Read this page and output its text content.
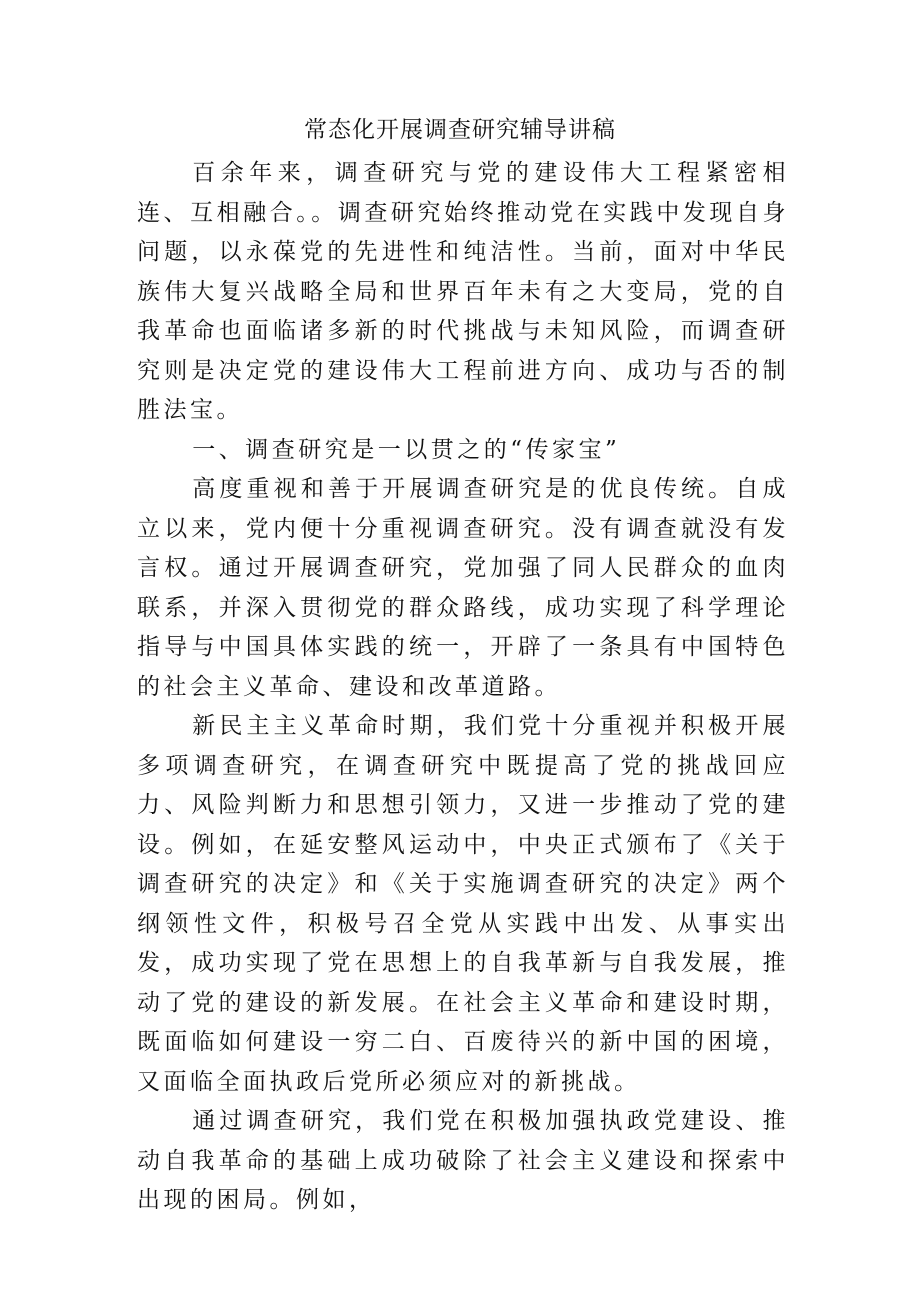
常态化开展调查研究辅导讲稿

百余年来，调查研究与党的建设伟大工程紧密相连、互相融合。。调查研究始终推动党在实践中发现自身问题，以永葆党的先进性和纯洁性。当前，面对中华民族伟大复兴战略全局和世界百年未有之大变局，党的自我革命也面临诸多新的时代挑战与未知风险，而调查研究则是决定党的建设伟大工程前进方向、成功与否的制胜法宝。

一、调查研究是一以贯之的“传家宝”

高度重视和善于开展调查研究是的优良传统。自成立以来，党内便十分重视调查研究。没有调查就没有发言权。通过开展调查研究，党加强了同人民群众的血肉联系，并深入贯彻党的群众路线，成功实现了科学理论指导与中国具体实践的统一，开辟了一条具有中国特色的社会主义革命、建设和改革道路。

新民主主义革命时期，我们党十分重视并积极开展多项调查研究，在调查研究中既提高了党的挑战回应力、风险判断力和思想引领力，又进一步推动了党的建设。例如，在延安整风运动中，中央正式颁布了《关于调查研究的决定》和《关于实施调查研究的决定》两个纲领性文件，积极号召全党从实践中出发、从事实出发，成功实现了党在思想上的自我革新与自我发展，推动了党的建设的新发展。在社会主义革命和建设时期，既面临如何建设一穷二白、百废待兴的新中国的困境，又面临全面执政后党所必须应对的新挑战。

通过调查研究，我们党在积极加强执政党建设、推动自我革命的基础上成功破除了社会主义建设和探索中出现的困局。例如，
